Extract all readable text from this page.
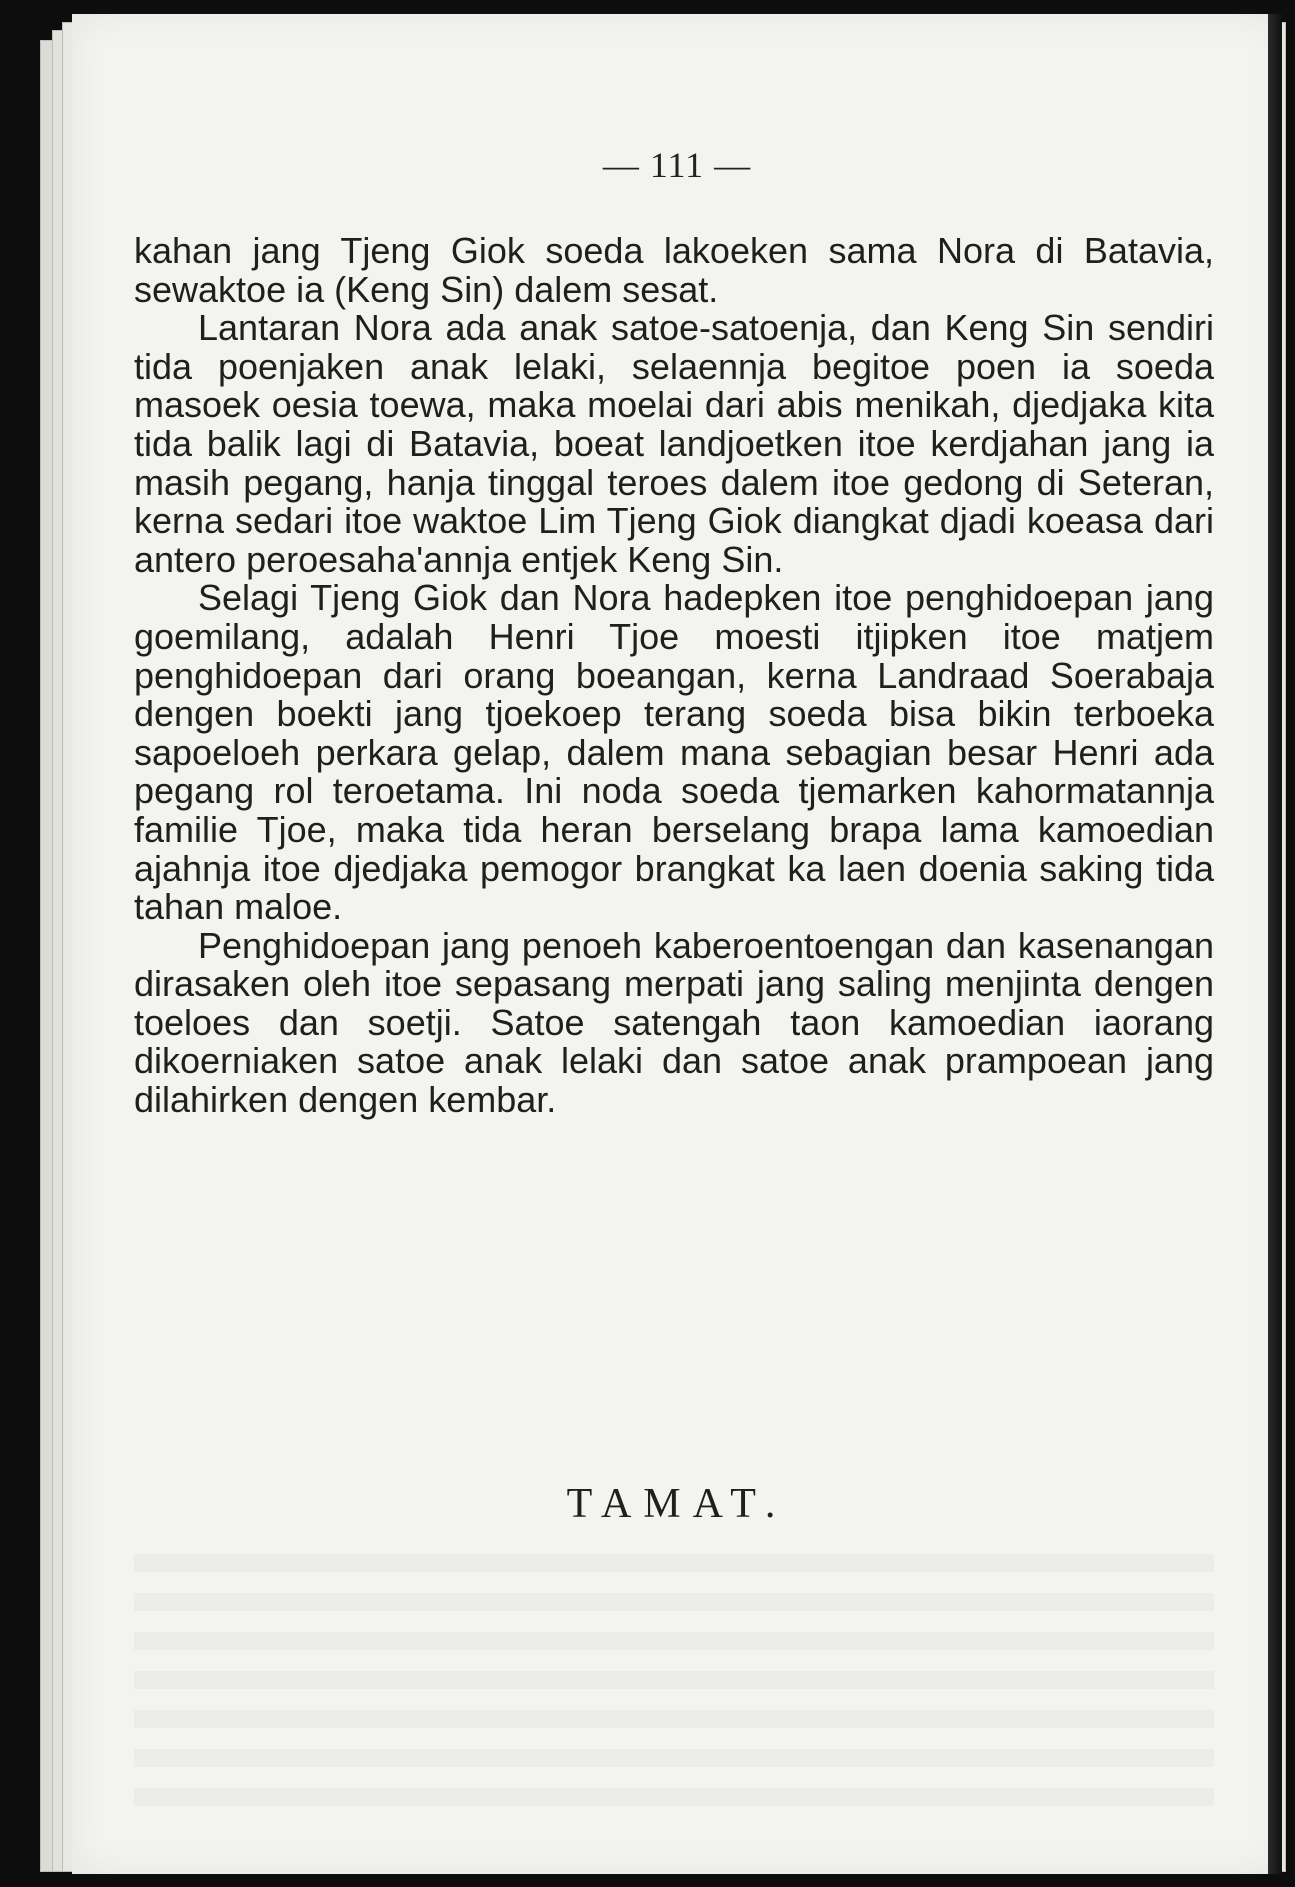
— 111 —

kahan jang Tjeng Giok soeda lakoeken sama Nora di Batavia, sewaktoe ia (Keng Sin) dalem sesat.

Lantaran Nora ada anak satoe-satoenja, dan Keng Sin sendiri tida poenjaken anak lelaki, selaennja begitoe poen ia soeda masoek oesia toewa, maka moelai dari abis menikah, djedjaka kita tida balik lagi di Batavia, boeat landjoetken itoe kerdjahan jang ia masih pegang, hanja tinggal teroes dalem itoe gedong di Seteran, kerna sedari itoe waktoe Lim Tjeng Giok diangkat djadi koeasa dari antero peroesaha'annja entjek Keng Sin.

Selagi Tjeng Giok dan Nora hadepken itoe penghidoepan jang goemilang, adalah Henri Tjoe moesti itjipken itoe matjem penghidoepan dari orang boeangan, kerna Landraad Soerabaja dengen boekti jang tjoekoep terang soeda bisa bikin terboeka sapoeloeh perkara gelap, dalem mana sebagian besar Henri ada pegang rol teroetama. Ini noda soeda tjemarken kahormatannja familie Tjoe, maka tida heran berselang brapa lama kamoedian ajahnja itoe djedjaka pemogor brangkat ka laen doenia saking tida tahan maloe.

Penghidoepan jang penoeh kaberoentoengan dan kasenangan dirasaken oleh itoe sepasang merpati jang saling menjinta dengen toeloes dan soetji. Satoe satengah taon kamoedian iaorang dikoerniaken satoe anak lelaki dan satoe anak prampoean jang dilahirken dengen kembar.

TAMAT.
